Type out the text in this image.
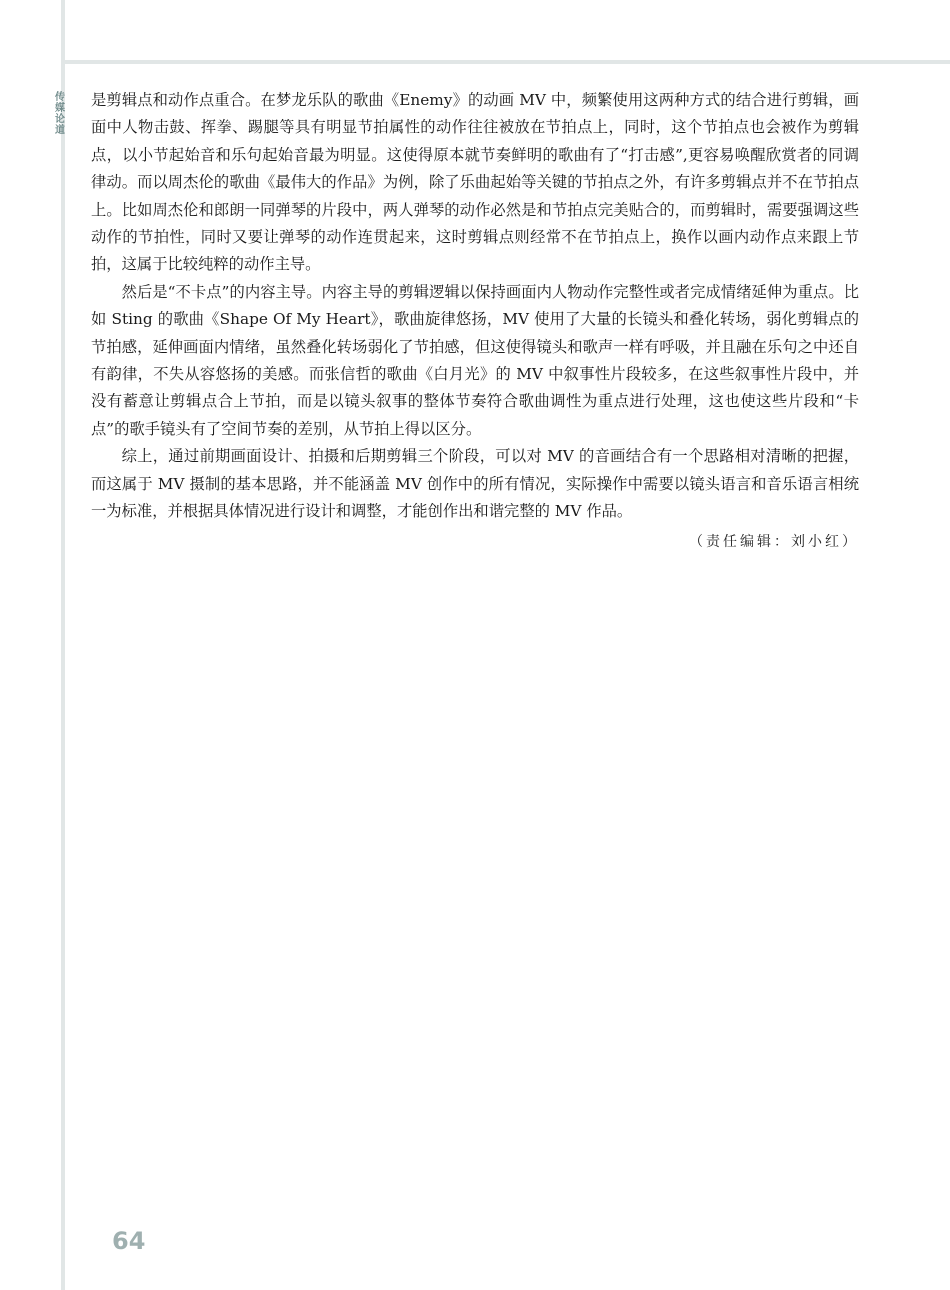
传
媒
论
道

是剪辑点和动作点重合。在梦龙乐队的歌曲《Enemy》的动画 MV 中，频繁使用这两种方式的结合进行剪辑，画面中人物击鼓、挥拳、踢腿等具有明显节拍属性的动作往往被放在节拍点上，同时，这个节拍点也会被作为剪辑点，以小节起始音和乐句起始音最为明显。这使得原本就节奏鲜明的歌曲有了“打击感”,更容易唤醒欣赏者的同调律动。而以周杰伦的歌曲《最伟大的作品》为例，除了乐曲起始等关键的节拍点之外，有许多剪辑点并不在节拍点上。比如周杰伦和郎朗一同弹琴的片段中，两人弹琴的动作必然是和节拍点完美贴合的，而剪辑时，需要强调这些动作的节拍性，同时又要让弹琴的动作连贯起来，这时剪辑点则经常不在节拍点上，换作以画内动作点来跟上节拍，这属于比较纯粹的动作主导。

然后是“不卡点”的内容主导。内容主导的剪辑逻辑以保持画面内人物动作完整性或者完成情绪延伸为重点。比如 Sting 的歌曲《Shape Of My Heart》，歌曲旋律悠扬，MV 使用了大量的长镜头和叠化转场，弱化剪辑点的节拍感，延伸画面内情绪，虽然叠化转场弱化了节拍感，但这使得镜头和歌声一样有呼吸，并且融在乐句之中还自有韵律，不失从容悠扬的美感。而张信哲的歌曲《白月光》的 MV 中叙事性片段较多，在这些叙事性片段中，并没有蓄意让剪辑点合上节拍，而是以镜头叙事的整体节奏符合歌曲调性为重点进行处理，这也使这些片段和“卡点”的歌手镜头有了空间节奏的差别，从节拍上得以区分。

综上，通过前期画面设计、拍摄和后期剪辑三个阶段，可以对 MV 的音画结合有一个思路相对清晰的把握，而这属于 MV 摄制的基本思路，并不能涵盖 MV 创作中的所有情况，实际操作中需要以镜头语言和音乐语言相统一为标准，并根据具体情况进行设计和调整，才能创作出和谐完整的 MV 作品。

（责任编辑：刘小红）
64
